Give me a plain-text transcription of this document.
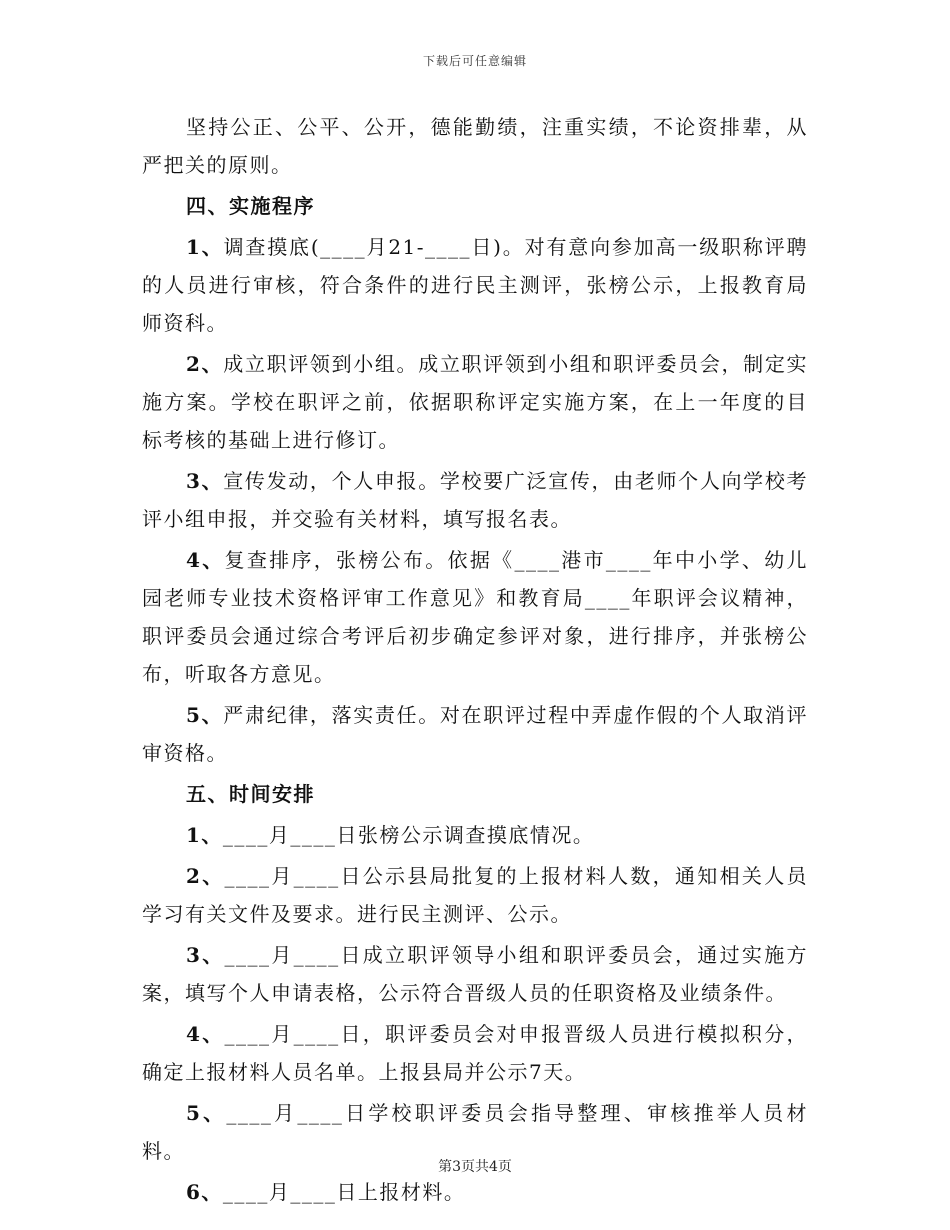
下载后可任意编辑

坚持公正、公平、公开，德能勤绩，注重实绩，不论资排辈，从严把关的原则。

四、实施程序

1、调查摸底(____月21-____日)。对有意向参加高一级职称评聘的人员进行审核，符合条件的进行民主测评，张榜公示，上报教育局师资科。

2、成立职评领到小组。成立职评领到小组和职评委员会，制定实施方案。学校在职评之前，依据职称评定实施方案，在上一年度的目标考核的基础上进行修订。

3、宣传发动，个人申报。学校要广泛宣传，由老师个人向学校考评小组申报，并交验有关材料，填写报名表。

4、复查排序，张榜公布。依据《____港市____年中小学、幼儿园老师专业技术资格评审工作意见》和教育局____年职评会议精神，职评委员会通过综合考评后初步确定参评对象，进行排序，并张榜公布，听取各方意见。

5、严肃纪律，落实责任。对在职评过程中弄虚作假的个人取消评审资格。

五、时间安排

1、____月____日张榜公示调查摸底情况。

2、____月____日公示县局批复的上报材料人数，通知相关人员学习有关文件及要求。进行民主测评、公示。

3、____月____日成立职评领导小组和职评委员会，通过实施方案，填写个人申请表格，公示符合晋级人员的任职资格及业绩条件。

4、____月____日，职评委员会对申报晋级人员进行模拟积分，确定上报材料人员名单。上报县局并公示7天。

5、____月____日学校职评委员会指导整理、审核推举人员材料。

6、____月____日上报材料。

第3页共4页
